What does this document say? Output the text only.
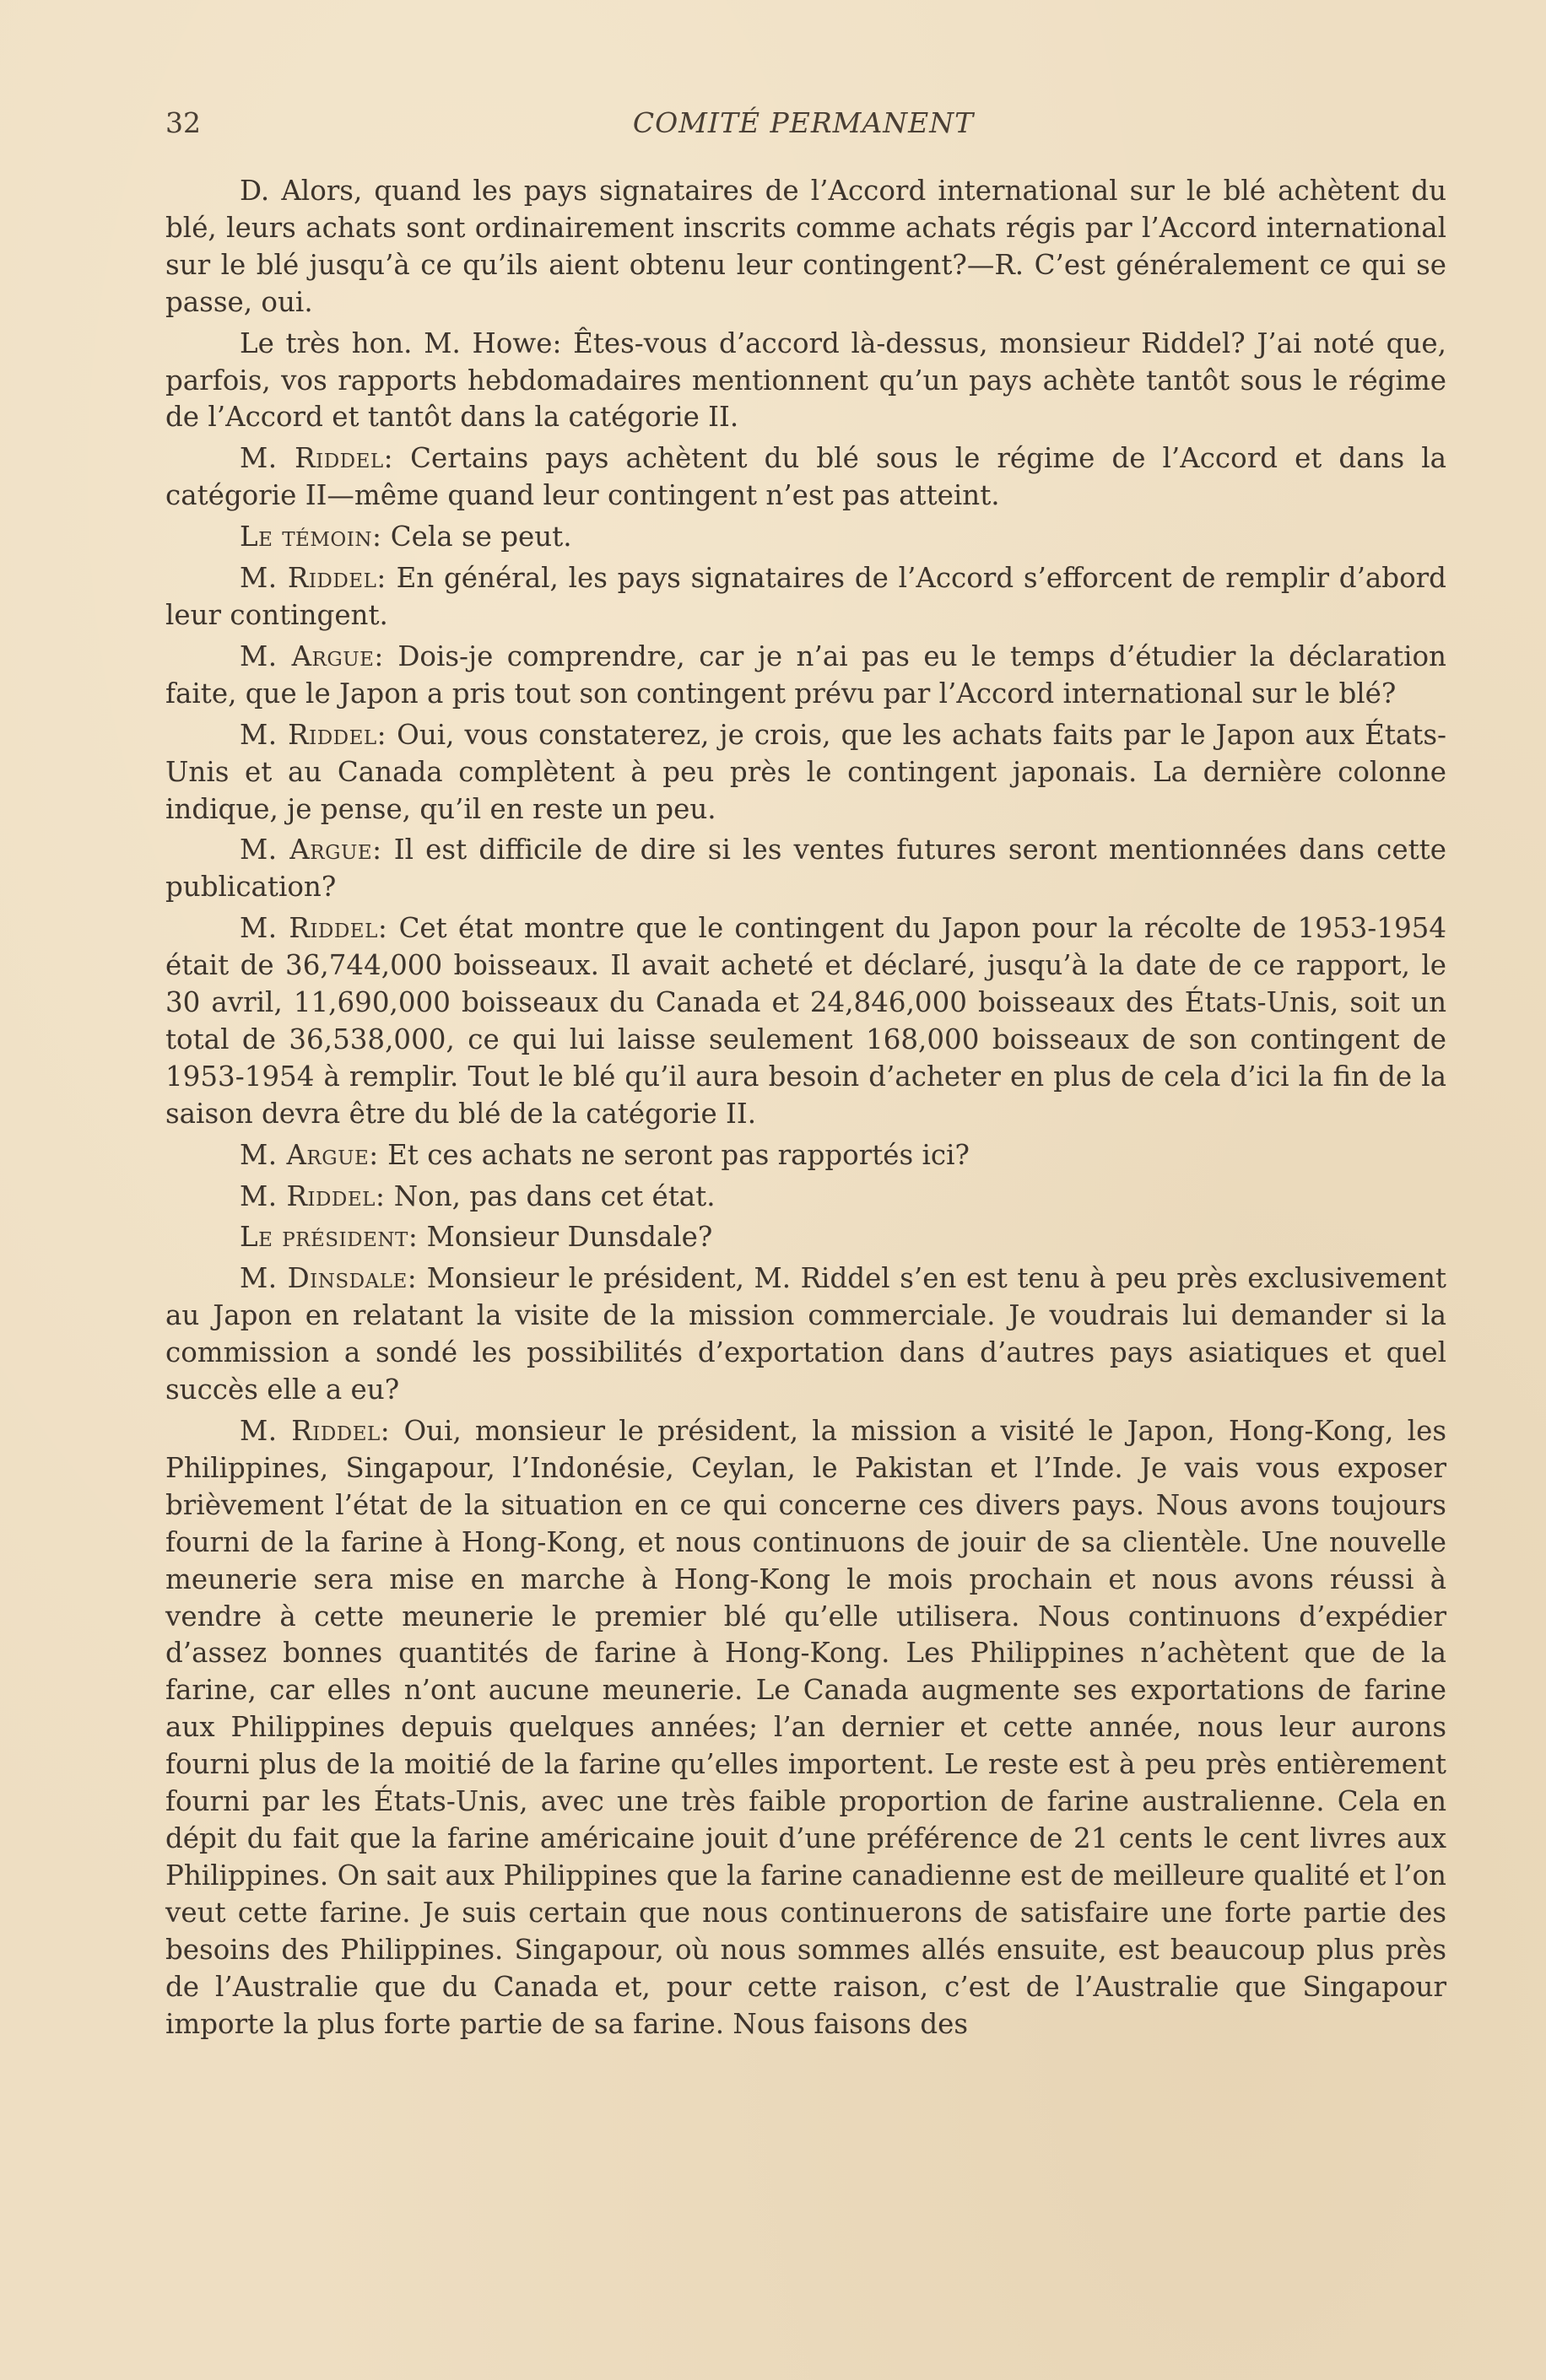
32	COMITÉ PERMANENT

D. Alors, quand les pays signataires de l’Accord international sur le blé achètent du blé, leurs achats sont ordinairement inscrits comme achats régis par l’Accord international sur le blé jusqu’à ce qu’ils aient obtenu leur contingent?—R. C’est généralement ce qui se passe, oui.

Le très hon. M. Howe: Êtes-vous d’accord là-dessus, monsieur Riddel? J’ai noté que, parfois, vos rapports hebdomadaires mentionnent qu’un pays achète tantôt sous le régime de l’Accord et tantôt dans la catégorie II.

M. Riddel: Certains pays achètent du blé sous le régime de l’Accord et dans la catégorie II—même quand leur contingent n’est pas atteint.

Le témoin: Cela se peut.

M. Riddel: En général, les pays signataires de l’Accord s’efforcent de remplir d’abord leur contingent.

M. Argue: Dois-je comprendre, car je n’ai pas eu le temps d’étudier la déclaration faite, que le Japon a pris tout son contingent prévu par l’Accord international sur le blé?

M. Riddel: Oui, vous constaterez, je crois, que les achats faits par le Japon aux États-Unis et au Canada complètent à peu près le contingent japonais. La dernière colonne indique, je pense, qu’il en reste un peu.

M. Argue: Il est difficile de dire si les ventes futures seront mentionnées dans cette publication?

M. Riddel: Cet état montre que le contingent du Japon pour la récolte de 1953-1954 était de 36,744,000 boisseaux. Il avait acheté et déclaré, jusqu’à la date de ce rapport, le 30 avril, 11,690,000 boisseaux du Canada et 24,846,000 boisseaux des États-Unis, soit un total de 36,538,000, ce qui lui laisse seulement 168,000 boisseaux de son contingent de 1953-1954 à remplir. Tout le blé qu’il aura besoin d’acheter en plus de cela d’ici la fin de la saison devra être du blé de la catégorie II.

M. Argue: Et ces achats ne seront pas rapportés ici?

M. Riddel: Non, pas dans cet état.

Le président: Monsieur Dunsdale?

M. Dinsdale: Monsieur le président, M. Riddel s’en est tenu à peu près exclusivement au Japon en relatant la visite de la mission commerciale. Je voudrais lui demander si la commission a sondé les possibilités d’exportation dans d’autres pays asiatiques et quel succès elle a eu?

M. Riddel: Oui, monsieur le président, la mission a visité le Japon, Hong-Kong, les Philippines, Singapour, l’Indonésie, Ceylan, le Pakistan et l’Inde. Je vais vous exposer brièvement l’état de la situation en ce qui concerne ces divers pays. Nous avons toujours fourni de la farine à Hong-Kong, et nous continuons de jouir de sa clientèle. Une nouvelle meunerie sera mise en marche à Hong-Kong le mois prochain et nous avons réussi à vendre à cette meunerie le premier blé qu’elle utilisera. Nous continuons d’expédier d’assez bonnes quantités de farine à Hong-Kong. Les Philippines n’achètent que de la farine, car elles n’ont aucune meunerie. Le Canada augmente ses exportations de farine aux Philippines depuis quelques années; l’an dernier et cette année, nous leur aurons fourni plus de la moitié de la farine qu’elles importent. Le reste est à peu près entièrement fourni par les États-Unis, avec une très faible proportion de farine australienne. Cela en dépit du fait que la farine américaine jouit d’une préférence de 21 cents le cent livres aux Philippines. On sait aux Philippines que la farine canadienne est de meilleure qualité et l’on veut cette farine. Je suis certain que nous continuerons de satisfaire une forte partie des besoins des Philippines. Singapour, où nous sommes allés ensuite, est beaucoup plus près de l’Australie que du Canada et, pour cette raison, c’est de l’Australie que Singapour importe la plus forte partie de sa farine. Nous faisons des
